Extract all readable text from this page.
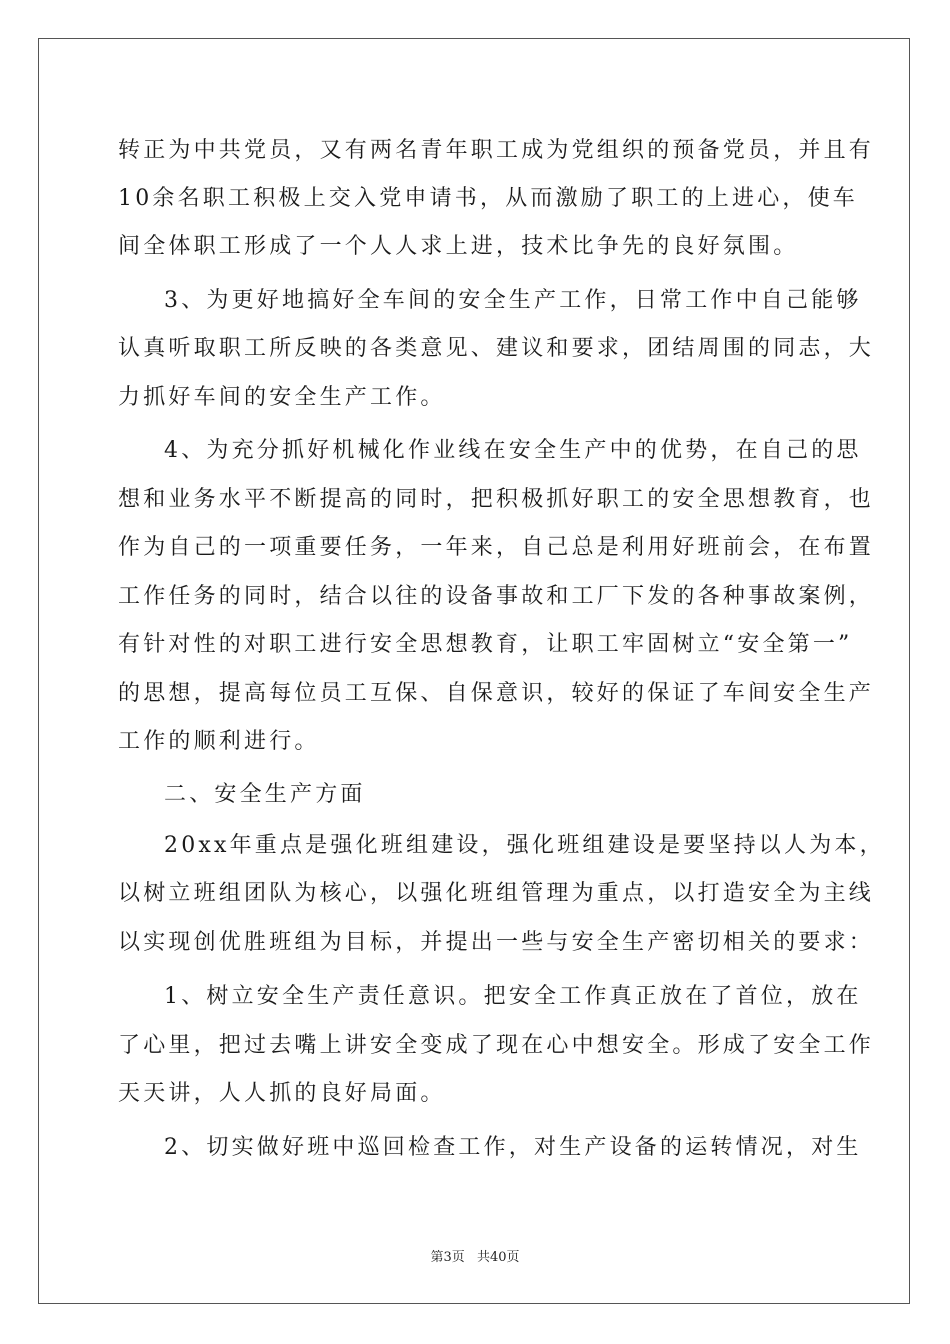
转正为中共党员，又有两名青年职工成为党组织的预备党员，并且有
10余名职工积极上交入党申请书，从而激励了职工的上进心，使车
间全体职工形成了一个人人求上进，技术比争先的良好氛围。
3、为更好地搞好全车间的安全生产工作，日常工作中自己能够
认真听取职工所反映的各类意见、建议和要求，团结周围的同志，大
力抓好车间的安全生产工作。
4、为充分抓好机械化作业线在安全生产中的优势，在自己的思
想和业务水平不断提高的同时，把积极抓好职工的安全思想教育，也
作为自己的一项重要任务，一年来，自己总是利用好班前会，在布置
工作任务的同时，结合以往的设备事故和工厂下发的各种事故案例，
有针对性的对职工进行安全思想教育，让职工牢固树立“安全第一”
的思想，提高每位员工互保、自保意识，较好的保证了车间安全生产
工作的顺利进行。
二、安全生产方面
20xx年重点是强化班组建设，强化班组建设是要坚持以人为本，
以树立班组团队为核心，以强化班组管理为重点，以打造安全为主线
以实现创优胜班组为目标，并提出一些与安全生产密切相关的要求：
1、树立安全生产责任意识。把安全工作真正放在了首位，放在
了心里，把过去嘴上讲安全变成了现在心中想安全。形成了安全工作
天天讲，人人抓的良好局面。
2、切实做好班中巡回检查工作，对生产设备的运转情况，对生
第3页 共40页
